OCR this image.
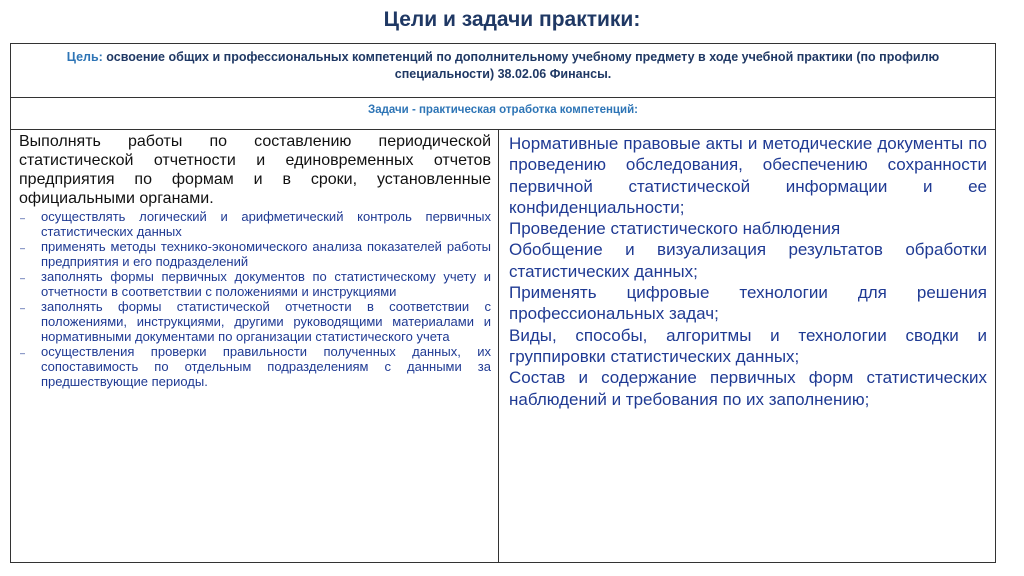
Цели и задачи практики:
Цель: освоение общих и профессиональных компетенций по дополнительному учебному предмету в ходе учебной практики (по профилю специальности) 38.02.06 Финансы.
Задачи - практическая отработка компетенций:

Выполнять работы по составлению периодической статистической отчетности и единовременных отчетов предприятия по формам и в сроки, установленные официальными органами.

– осуществлять логический и арифметический контроль первичных статистических данных
– применять методы технико-экономического анализа показателей работы предприятия и его подразделений
– заполнять формы первичных документов по статистическому учету и отчетности в соответствии с положениями и инструкциями
– заполнять формы статистической отчетности в соответствии с положениями, инструкциями, другими руководящими материалами и нормативными документами по организации статистического учета
– осуществления проверки правильности полученных данных, их сопоставимость по отдельным подразделениям с данными за предшествующие периоды.
Нормативные правовые акты и методические документы по проведению обследования, обеспечению сохранности первичной статистической информации и ее конфиденциальности;
Проведение статистического наблюдения
Обобщение и визуализация результатов обработки статистических данных;
Применять цифровые технологии для решения профессиональных задач;
Виды, способы, алгоритмы и технологии сводки и группировки статистических данных;
Состав и содержание первичных форм статистических наблюдений и требования по их заполнению;
